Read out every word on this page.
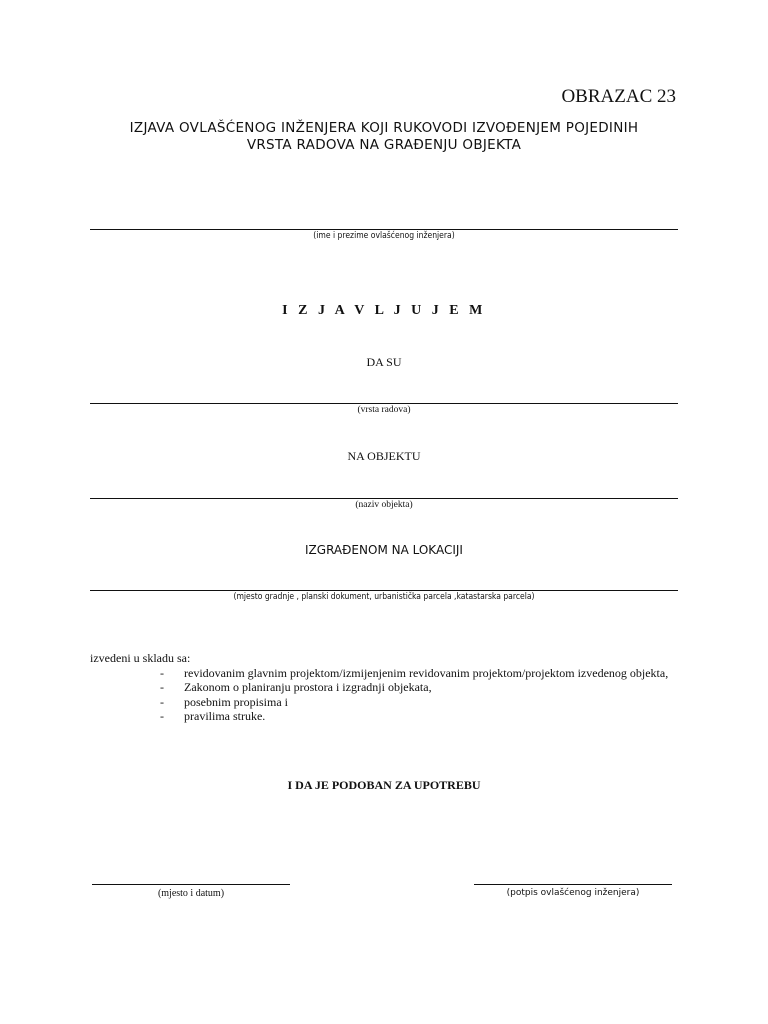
OBRAZAC 23
IZJAVA OVLAŠĆENOG INŽENJERA KOJI RUKOVODI IZVOĐENJEM POJEDINIH
VRSTA RADOVA NA GRAĐENJU OBJEKTA
(ime i prezime ovlašćenog inženjera)
I Z J A V L J U J E M
DA SU
(vrsta radova)
NA OBJEKTU
(naziv objekta)
IZGRAĐENOM NA LOKACIJI
(mjesto gradnje , planski dokument, urbanistička parcela ,katastarska parcela)
izvedeni u skladu sa:
- revidovanim glavnim projektom/izmijenjenim revidovanim projektom/projektom izvedenog objekta,
- Zakonom o planiranju prostora i izgradnji objekata,
- posebnim propisima i
- pravilima struke.
I DA JE PODOBAN ZA UPOTREBU
(mjesto i datum)	(potpis ovlašćenog inženjera)
